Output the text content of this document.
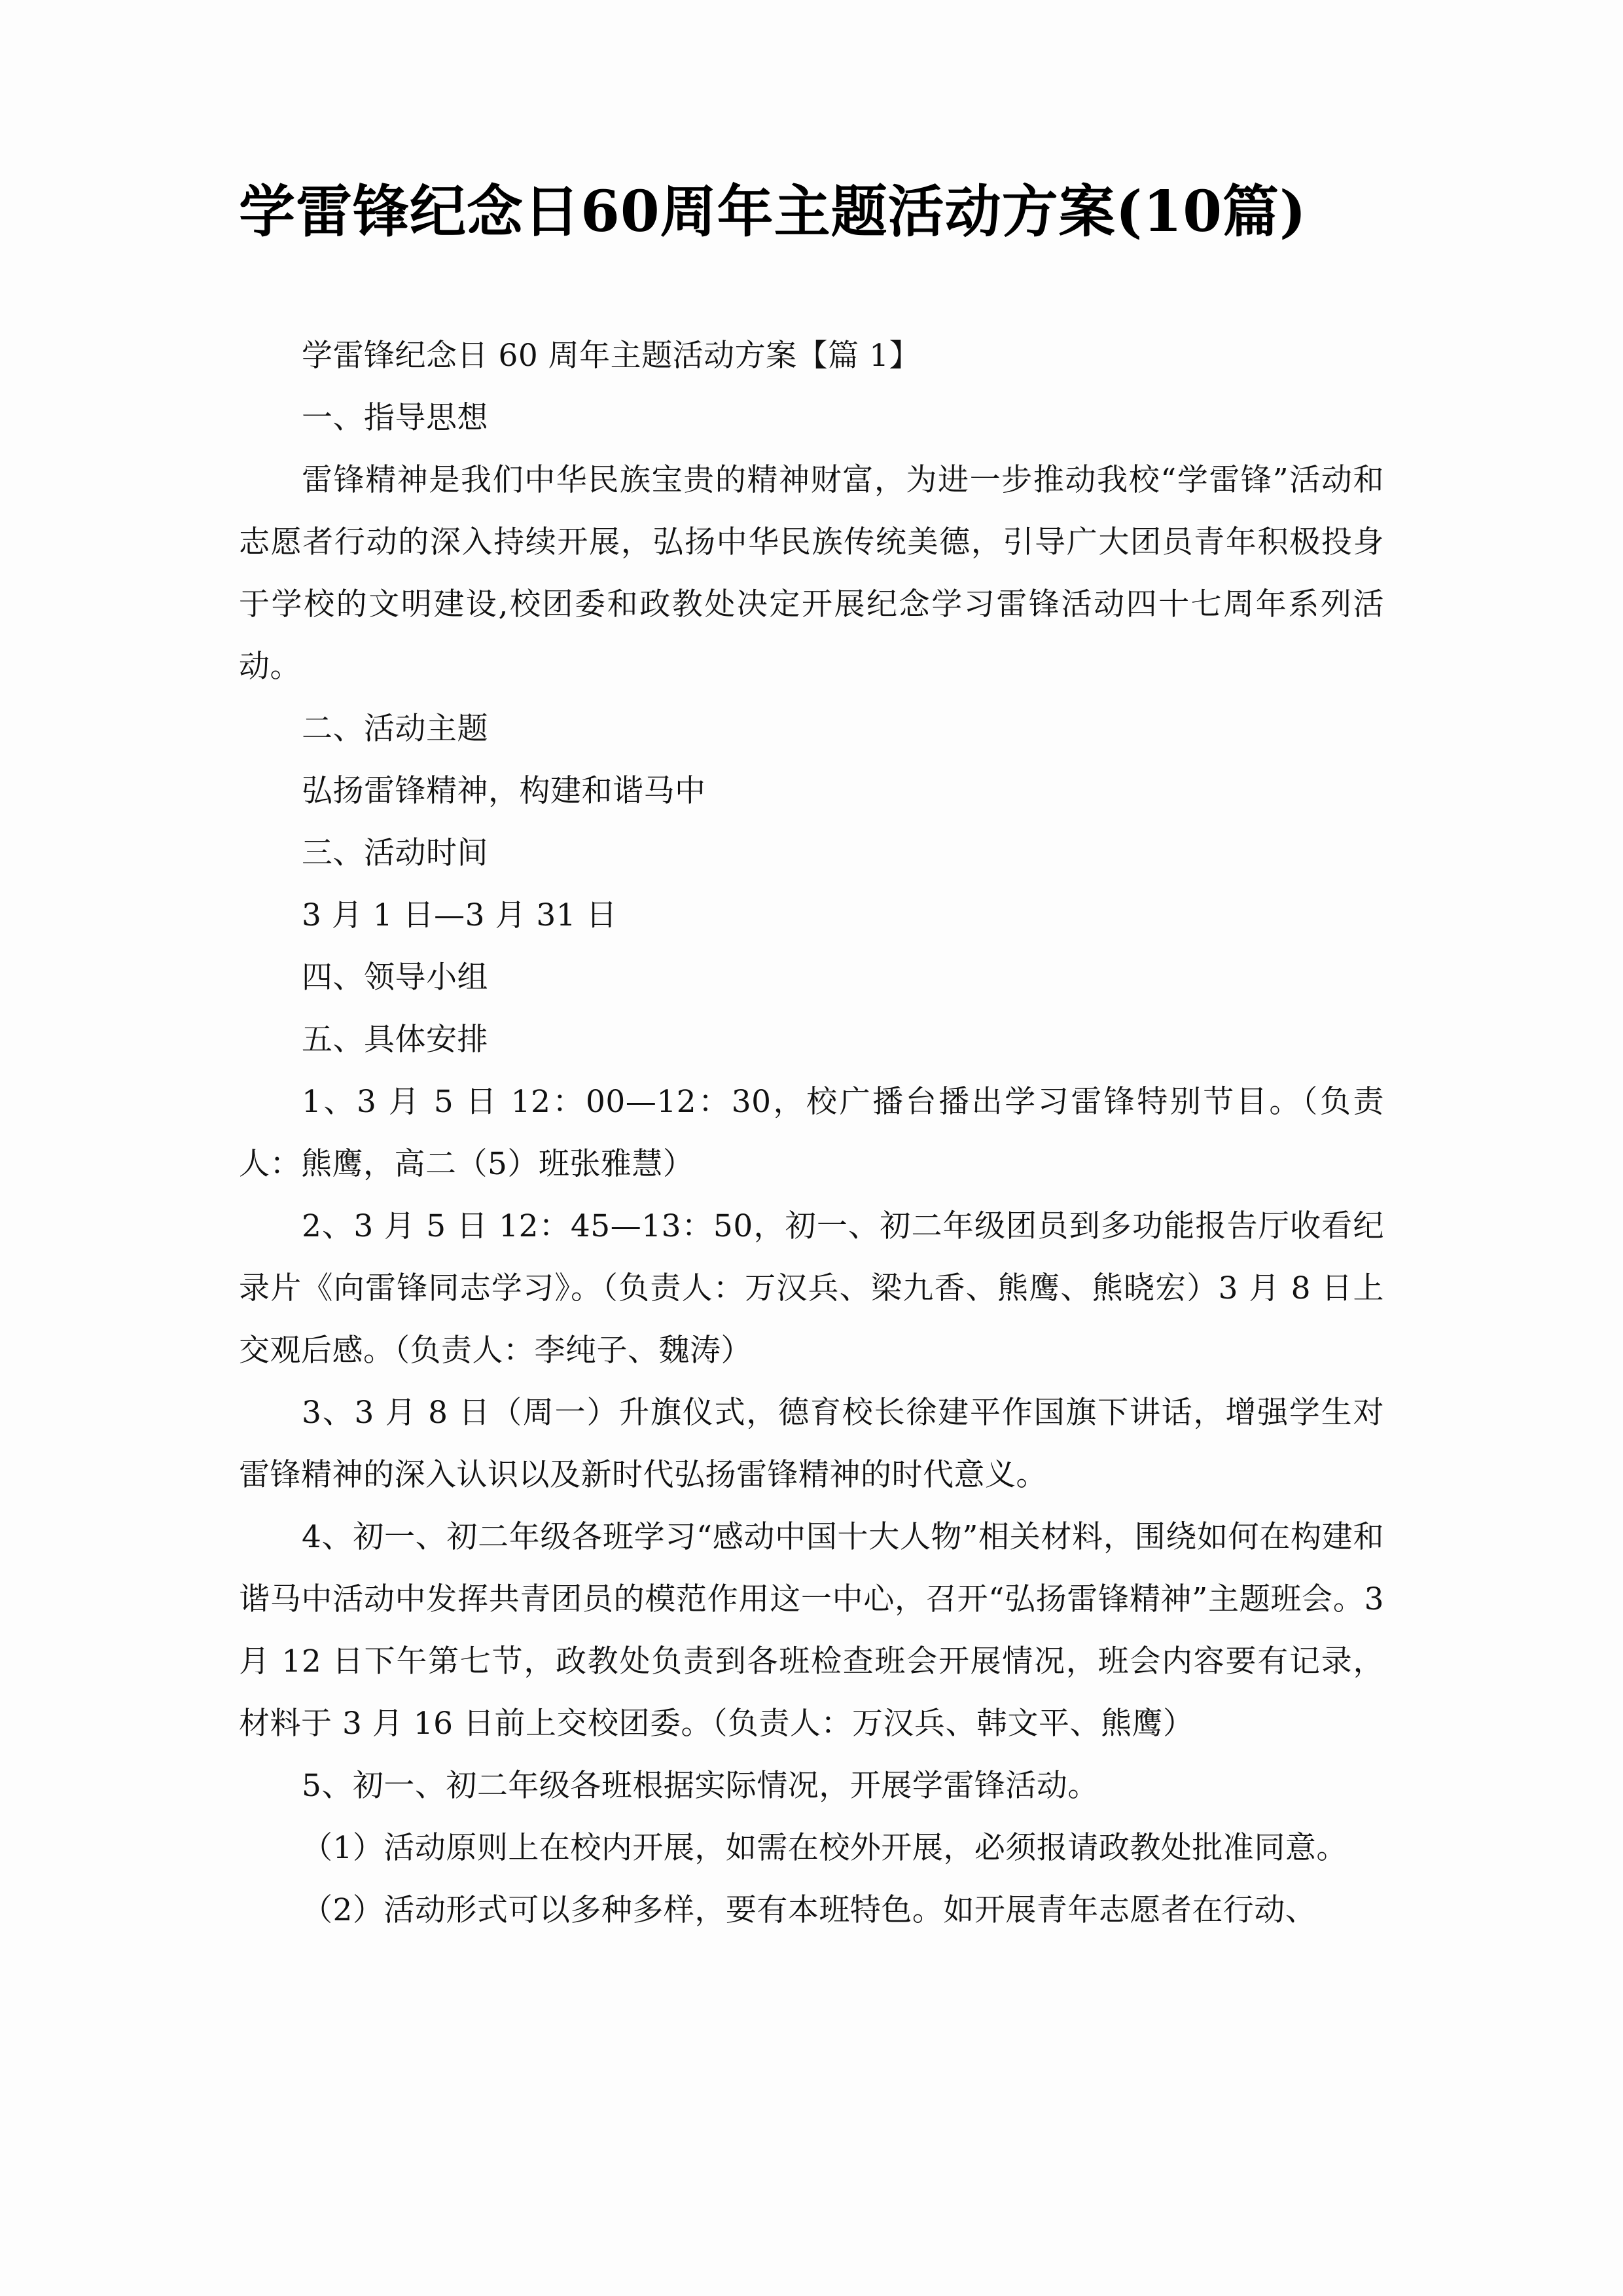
学雷锋纪念日60周年主题活动方案(10篇)

学雷锋纪念日 60 周年主题活动方案【篇 1】

一、指导思想

雷锋精神是我们中华民族宝贵的精神财富，为进一步推动我校“学雷锋”活动和志愿者行动的深入持续开展，弘扬中华民族传统美德，引导广大团员青年积极投身于学校的文明建设,校团委和政教处决定开展纪念学习雷锋活动四十七周年系列活动。

二、活动主题

弘扬雷锋精神，构建和谐马中

三、活动时间

3 月 1 日—3 月 31 日

四、领导小组

五、具体安排

1、3 月 5 日 12：00—12：30，校广播台播出学习雷锋特别节目。（负责人：熊鹰，高二（5）班张雅慧）

2、3 月 5 日 12：45—13：50，初一、初二年级团员到多功能报告厅收看纪录片《向雷锋同志学习》。（负责人：万汉兵、梁九香、熊鹰、熊晓宏）3 月 8 日上交观后感。（负责人：李纯子、魏涛）

3、3 月 8 日（周一）升旗仪式，德育校长徐建平作国旗下讲话，增强学生对雷锋精神的深入认识以及新时代弘扬雷锋精神的时代意义。

4、初一、初二年级各班学习“感动中国十大人物”相关材料，围绕如何在构建和谐马中活动中发挥共青团员的模范作用这一中心，召开“弘扬雷锋精神”主题班会。3 月 12 日下午第七节，政教处负责到各班检查班会开展情况，班会内容要有记录，材料于 3 月 16 日前上交校团委。（负责人：万汉兵、韩文平、熊鹰）

5、初一、初二年级各班根据实际情况，开展学雷锋活动。

（1）活动原则上在校内开展，如需在校外开展，必须报请政教处批准同意。

（2）活动形式可以多种多样，要有本班特色。如开展青年志愿者在行动、
